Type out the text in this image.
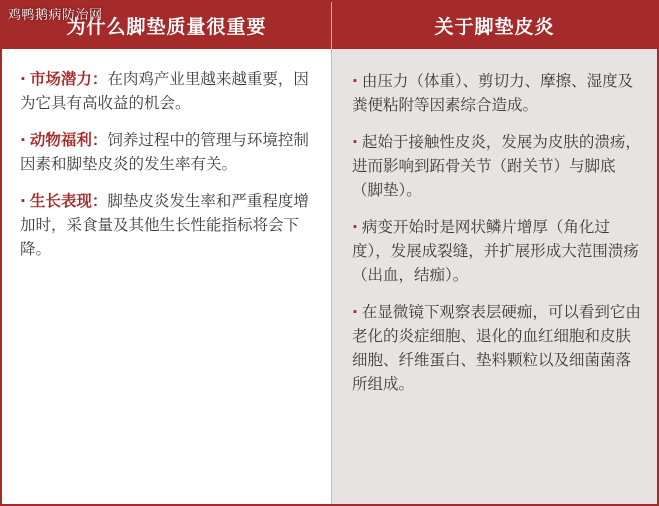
鸡鸭鹅病防治网
为什么脚垫质量很重要
· 市场潜力：在肉鸡产业里越来越重要，因为它具有高收益的机会。
· 动物福利：饲养过程中的管理与环境控制因素和脚垫皮炎的发生率有关。
· 生长表现：脚垫皮炎发生率和严重程度增加时，采食量及其他生长性能指标将会下降。
关于脚垫皮炎
· 由压力（体重）、剪切力、摩擦、湿度及粪便粘附等因素综合造成。
· 起始于接触性皮炎，发展为皮肤的溃疡，进而影响到跖骨关节（跗关节）与脚底（脚垫）。
· 病变开始时是网状鳞片增厚（角化过度），发展成裂缝，并扩展形成大范围溃疡（出血，结痂）。
· 在显微镜下观察表层硬痂，可以看到它由老化的炎症细胞、退化的血红细胞和皮肤细胞、纤维蛋白、垫料颗粒以及细菌菌落所组成。
